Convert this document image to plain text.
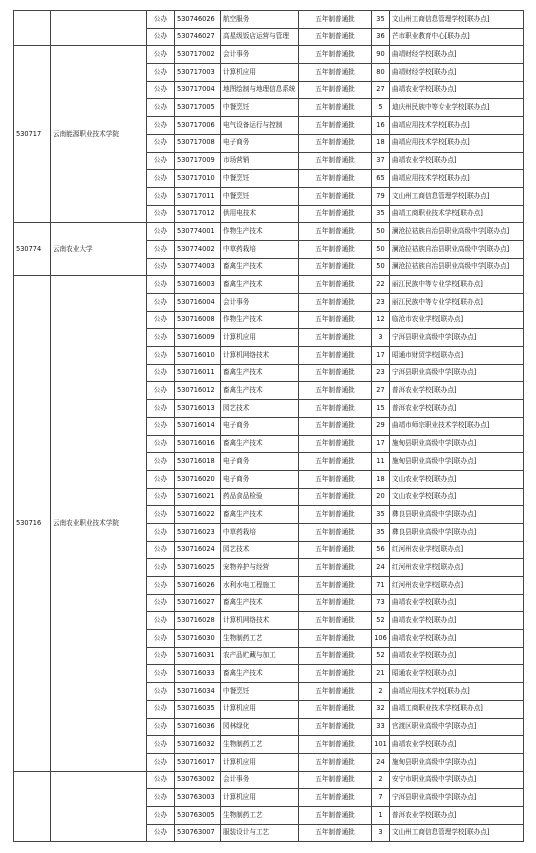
		公办	530746026	航空服务	五年制普通批	35	文山州工商信息管理学校[联办点]
		公办	530746027	高星级饭店运营与管理	五年制普通批	36	芒市职业教育中心[联办点]
530717	云南能源职业技术学院	公办	530717002	会计事务	五年制普通批	90	曲靖财经学校[联办点]
		公办	530717003	计算机应用	五年制普通批	80	曲靖财经学校[联办点]
		公办	530717004	地图绘制与地理信息系统	五年制普通批	27	曲靖农业学校[联办点]
		公办	530717005	中餐烹饪	五年制普通批	5	迪庆州民族中等专业学校[联办点]
		公办	530717006	电气设备运行与控制	五年制普通批	16	曲靖应用技术学校[联办点]
		公办	530717008	电子商务	五年制普通批	18	曲靖应用技术学校[联办点]
		公办	530717009	市场营销	五年制普通批	37	曲靖农业学校[联办点]
		公办	530717010	中餐烹饪	五年制普通批	65	曲靖应用技术学校[联办点]
		公办	530717011	中餐烹饪	五年制普通批	79	文山州工商信息管理学校[联办点]
		公办	530717012	供用电技术	五年制普通批	35	曲靖工商职业技术学校[联办点]
530774	云南农业大学	公办	530774001	作物生产技术	五年制普通批	50	澜沧拉祜族自治县职业高级中学[联办点]
		公办	530774002	中草药栽培	五年制普通批	50	澜沧拉祜族自治县职业高级中学[联办点]
		公办	530774003	畜禽生产技术	五年制普通批	50	澜沧拉祜族自治县职业高级中学[联办点]
530716	云南农业职业技术学院	公办	530716003	畜禽生产技术	五年制普通批	22	丽江民族中等专业学校[联办点]
		公办	530716004	会计事务	五年制普通批	23	丽江民族中等专业学校[联办点]
		公办	530716008	作物生产技术	五年制普通批	12	临沧市农业学校[联办点]
		公办	530716009	计算机应用	五年制普通批	3	宁洱县职业高级中学[联办点]
		公办	530716010	计算机网络技术	五年制普通批	17	昭通市财贸学校[联办点]
		公办	530716011	畜禽生产技术	五年制普通批	23	宁洱县职业高级中学[联办点]
		公办	530716012	畜禽生产技术	五年制普通批	27	普洱农业学校[联办点]
		公办	530716013	园艺技术	五年制普通批	15	普洱农业学校[联办点]
		公办	530716014	电子商务	五年制普通批	29	曲靖市师宗职业技术学校[联办点]
		公办	530716016	畜禽生产技术	五年制普通批	17	施甸县职业高级中学[联办点]
		公办	530716018	电子商务	五年制普通批	11	施甸县职业高级中学[联办点]
		公办	530716020	电子商务	五年制普通批	18	文山农业学校[联办点]
		公办	530716021	药品食品检验	五年制普通批	20	文山农业学校[联办点]
		公办	530716022	畜禽生产技术	五年制普通批	35	彝良县职业高级中学[联办点]
		公办	530716023	中草药栽培	五年制普通批	35	彝良县职业高级中学[联办点]
		公办	530716024	园艺技术	五年制普通批	56	红河州农业学校[联办点]
		公办	530716025	宠物养护与经营	五年制普通批	24	红河州农业学校[联办点]
		公办	530716026	水利水电工程施工	五年制普通批	71	红河州农业学校[联办点]
		公办	530716027	畜禽生产技术	五年制普通批	73	曲靖农业学校[联办点]
		公办	530716028	计算机网络技术	五年制普通批	52	曲靖农业学校[联办点]
		公办	530716030	生物制药工艺	五年制普通批	106	曲靖农业学校[联办点]
		公办	530716031	农产品贮藏与加工	五年制普通批	52	曲靖农业学校[联办点]
		公办	530716033	畜禽生产技术	五年制普通批	21	昭通农业学校[联办点]
		公办	530716034	中餐烹饪	五年制普通批	2	曲靖应用技术学校[联办点]
		公办	530716035	计算机应用	五年制普通批	32	曲靖工商职业技术学校[联办点]
		公办	530716036	园林绿化	五年制普通批	33	官渡区职业高级中学[联办点]
		公办	530716032	生物制药工艺	五年制普通批	101	曲靖农业学校[联办点]
		公办	530716017	计算机应用	五年制普通批	24	施甸县职业高级中学[联办点]
		公办	530763002	会计事务	五年制普通批	2	安宁市职业高级中学[联办点]
		公办	530763003	计算机应用	五年制普通批	7	宁洱县职业高级中学[联办点]
		公办	530763005	生物制药工艺	五年制普通批	1	普洱农业学校[联办点]
		公办	530763007	服装设计与工艺	五年制普通批	3	文山州工商信息管理学校[联办点]
